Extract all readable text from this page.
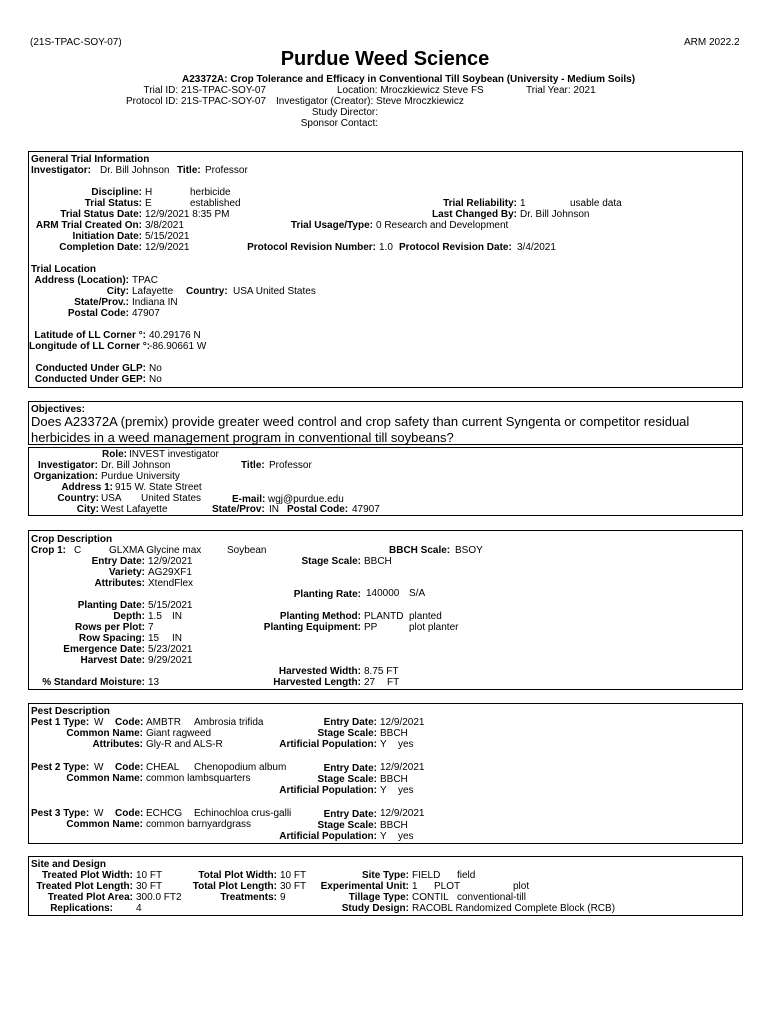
(21S-TPAC-SOY-07)	ARM 2022.2
Purdue Weed Science
A23372A: Crop Tolerance and Efficacy in Conventional Till Soybean (University - Medium Soils)
Trial ID: 21S-TPAC-SOY-07
Protocol ID: 21S-TPAC-SOY-07
Location: Mroczkiewicz Steve FS	Trial Year: 2021
Investigator (Creator): Steve Mroczkiewicz
Study Director:
Sponsor Contact:
General Trial Information
Investigator: Dr. Bill Johnson Title: Professor
Discipline: H	herbicide
Trial Status: E	established
Trial Status Date: 12/9/2021 8:35 PM
ARM Trial Created On: 3/8/2021
Initiation Date: 5/15/2021
Completion Date: 12/9/2021
Trial Reliability: 1	usable data
Last Changed By: Dr. Bill Johnson
Trial Usage/Type: 0 Research and Development
Protocol Revision Number: 1.0 Protocol Revision Date: 3/4/2021
Trial Location
Address (Location): TPAC
City: Lafayette Country: USA United States
State/Prov.: Indiana IN
Postal Code: 47907
Latitude of LL Corner °: 40.29176 N
Longitude of LL Corner °:
-86.90661 W
Conducted Under GLP: No
Conducted Under GEP: No
Objectives:
Does A23372A (premix) provide greater weed control and crop safety than current Syngenta or competitor residual herbicides in a weed management program in conventional till soybeans?
Role: INVEST investigator
Investigator: Dr. Bill Johnson	Title: Professor
Organization: Purdue University
Address 1: 915 W. State Street
Country: USA United States	E-mail: wgj@purdue.edu
City: West Lafayette	State/Prov: IN Postal Code: 47907
Crop Description
Crop 1: C	GLXMA Glycine max	Soybean	BBCH Scale: BSOY
Entry Date: 12/9/2021	Stage Scale: BBCH
Variety: AG29XF1
Attributes: XtendFlex
Planting Rate: 140000 S/A
Planting Date: 5/15/2021
Depth: 1.5 IN	Planting Method: PLANTD planted
Rows per Plot: 7	Planting Equipment: PP	plot planter
Row Spacing: 15 IN
Emergence Date: 5/23/2021
Harvest Date: 9/29/2021
Harvested Width: 8.75 FT
% Standard Moisture: 13	Harvested Length: 27 FT
Pest Description
Pest 1 Type: W Code: AMBTR Ambrosia trifida	Entry Date: 12/9/2021
Common Name: Giant ragweed	Stage Scale: BBCH
Attributes: Gly-R and ALS-R	Artificial Population: Y yes
Pest 2 Type: W Code: CHEAL Chenopodium album	Entry Date: 12/9/2021
Common Name: common lambsquarters	Stage Scale: BBCH
Artificial Population: Y yes
Pest 3 Type: W Code: ECHCG Echinochloa crus-galli	Entry Date: 12/9/2021
Common Name: common barnyardgrass	Stage Scale: BBCH
Artificial Population: Y yes
Site and Design
Treated Plot Width: 10 FT	Total Plot Width: 10 FT	Site Type: FIELD field
Treated Plot Length: 30 FT	Total Plot Length: 30 FT	Experimental Unit: 1 PLOT	plot
Treated Plot Area: 300.0 FT2	Treatments: 9	Tillage Type: CONTIL conventional-till
Replications: 4	Study Design: RACOBL Randomized Complete Block (RCB)
